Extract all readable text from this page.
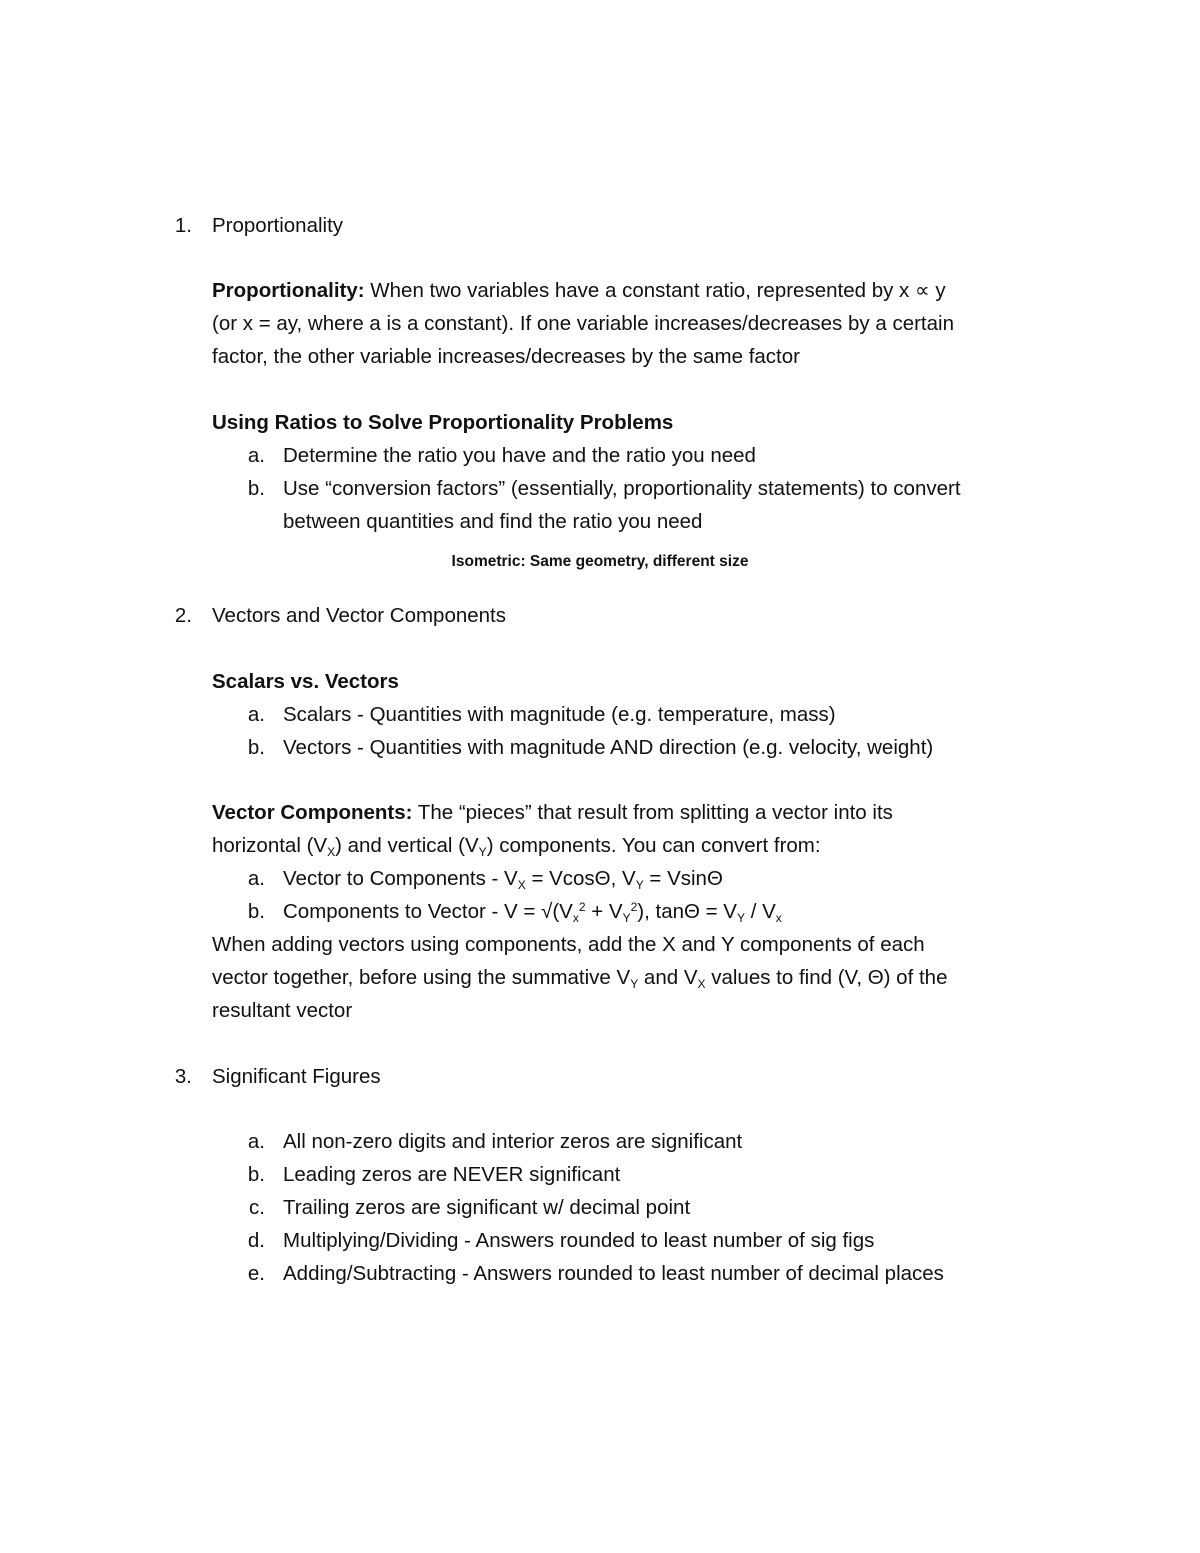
1. Proportionality
Proportionality: When two variables have a constant ratio, represented by x ∝ y
(or x = ay, where a is a constant). If one variable increases/decreases by a certain
factor, the other variable increases/decreases by the same factor
Using Ratios to Solve Proportionality Problems
a. Determine the ratio you have and the ratio you need
b. Use “conversion factors” (essentially, proportionality statements) to convert
between quantities and find the ratio you need
Isometric: Same geometry, different size
2. Vectors and Vector Components
Scalars vs. Vectors
a. Scalars - Quantities with magnitude (e.g. temperature, mass)
b. Vectors - Quantities with magnitude AND direction (e.g. velocity, weight)
Vector Components: The “pieces” that result from splitting a vector into its
horizontal $(V_X)$ and vertical $(V_Y)$ components. You can convert from:
a. Vector to Components - $V_X = Vcos\Theta$, $V_Y = Vsin\Theta$
b. Components to Vector - $V = √(V_x^2 + V_Y^2)$, $\tan\Theta = V_Y / V_x$
When adding vectors using components, add the X and Y components of each
vector together, before using the summative $V_Y$ and $V_X$ values to find (V, Θ) of the
resultant vector
3. Significant Figures
a. All non-zero digits and interior zeros are significant
b. Leading zeros are NEVER significant
c. Trailing zeros are significant w/ decimal point
d. Multiplying/Dividing - Answers rounded to least number of sig figs
e. Adding/Subtracting - Answers rounded to least number of decimal places
